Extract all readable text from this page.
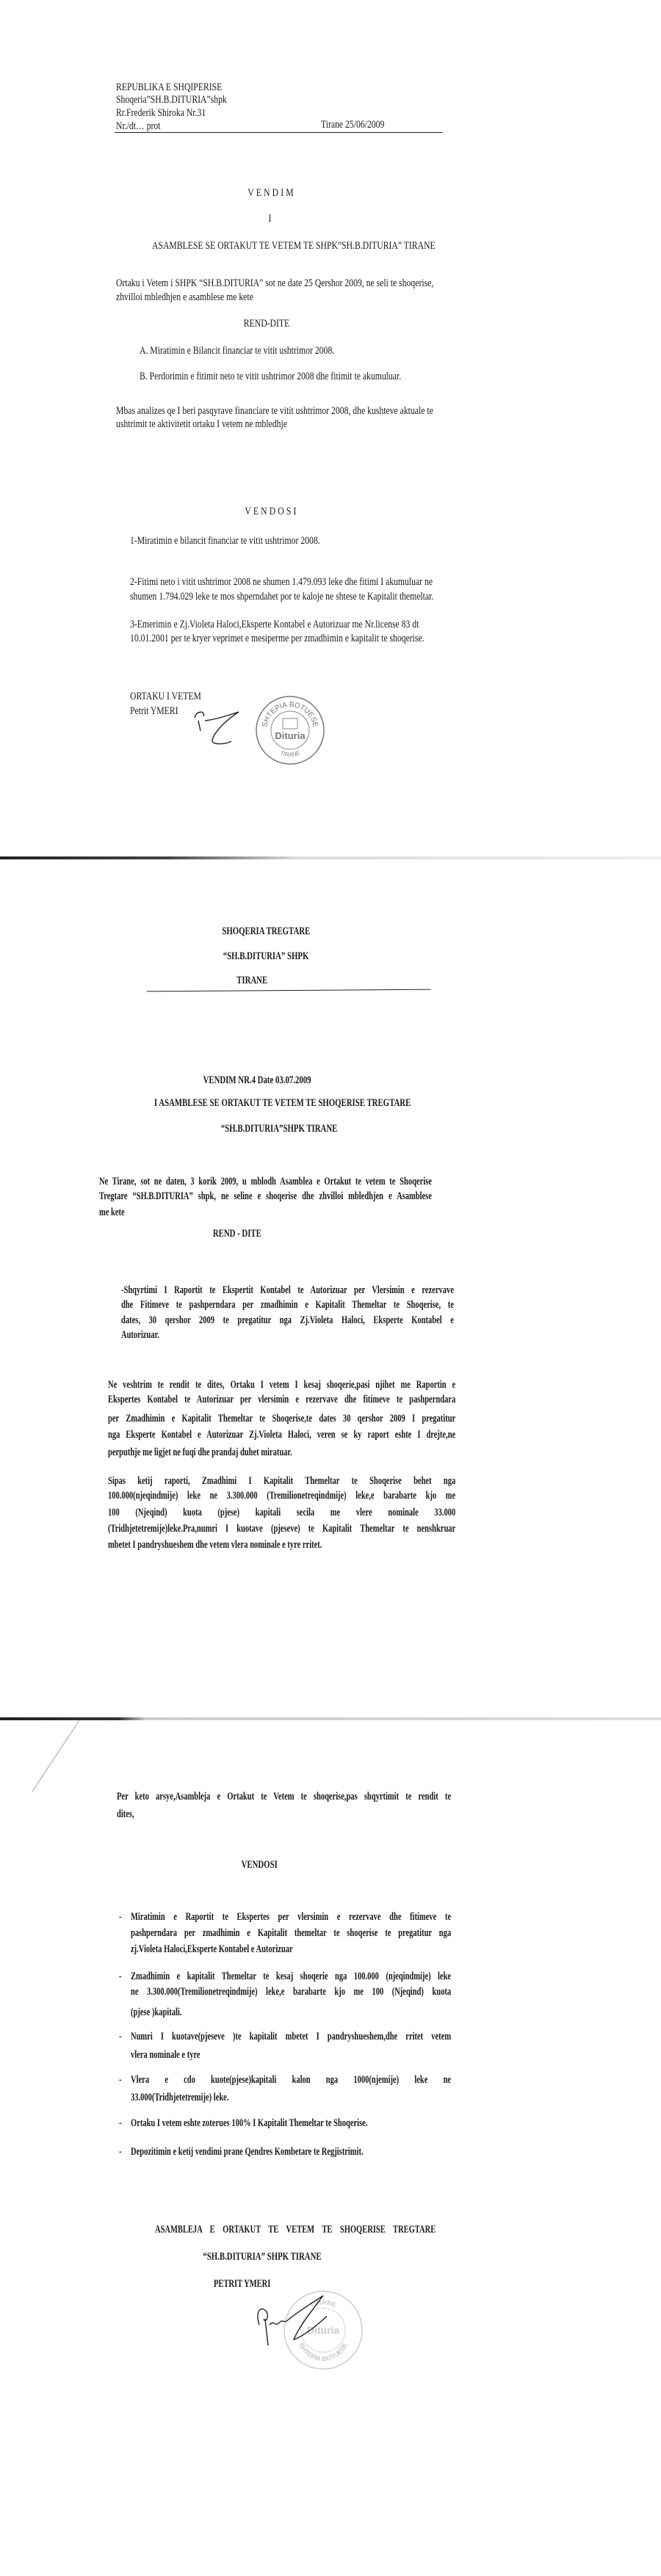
REPUBLIKA E SHQIPERISE
Shoqeria”SH.B.DITURIA”shpk
Rr.Frederik Shiroka Nr.31
Nr./dt… prot	Tirane 25/06/2009
VENDIM
I
ASAMBLESE SE ORTAKUT TE VETEM TE SHPK”SH.B.DITURIA” TIRANE
Ortaku i Vetem i SHPK “SH.B.DITURIA” sot ne date 25 Qershor 2009, ne seli te shoqerise,
zhvilloi mbledhjen e asamblese me kete
REND-DITE
A. Miratimin e Bilancit financiar te vitit ushtrimor 2008.
B. Perdorimin e fitimit neto te vitit ushtrimor 2008 dhe fitimit te akumuluar.
Mbas analizes qe I beri pasqyrave financiare te vitit ushtrimor 2008, dhe kushteve aktuale te
ushtrimit te aktivitetit ortaku I vetem ne mbledhje
VENDOSI
1-Miratimin e bilancit financiar te vitit ushtrimor 2008.
2-Fitimi neto i vitit ushtrimor 2008 ne shumen 1.479.093 leke dhe fitimi I akumuluar ne
shumen 1.794.029 leke te mos shperndahet por te kaloje ne shtese te Kapitalit themeltar.
3-Emerimin e Zj.Violeta Haloci,Eksperte Kontabel e Autorizuar me Nr.license 83 dt
10.01.2001 per te kryer veprimet e mesiperme per zmadhimin e kapitalit te shoqerise.
ORTAKU I VETEM
Petrit YMERI
SHTEPIA BOTUESE
Dituria
TIRANE
SHOQERIA TREGTARE
“SH.B.DITURIA” SHPK
TIRANE
VENDIM NR.4 Date 03.07.2009
I ASAMBLESE SE ORTAKUT TE VETEM TE SHOQERISE TREGTARE
“SH.B.DITURIA”SHPK TIRANE
Ne Tirane, sot ne daten, 3 korik 2009, u mblodh Asamblea e Ortakut te vetem te Shoqerise
Tregtare “SH.B.DITURIA” shpk, ne seline e shoqerise dhe zhvilloi mbledhjen e Asamblese
me kete
REND - DITE
-Shqyrtimi I Raportit te Ekspertit Kontabel te Autorizuar per Vlersimin e rezervave
dhe Fitimeve te pashperndara per zmadhimin e Kapitalit Themeltar te Shoqerise, te
dates, 30 qershor 2009 te pregatitur nga Zj.Violeta Haloci, Eksperte Kontabel e
Autorizuar.
Ne veshtrim te rendit te dites, Ortaku I vetem I kesaj shoqerie,pasi njihet me Raportin e
Ekspertes Kontabel te Autorizuar per vlersimin e rezervave dhe fitimeve te pashperndara
per Zmadhimin e Kapitalit Themeltar te Shoqerise,te dates 30 qershor 2009 I pregatitur
nga Eksperte Kontabel e Autorizuar Zj.Violeta Haloci, veren se ky raport eshte I drejte,ne
perputhje me ligjet ne fuqi dhe prandaj duhet miratuar.
Sipas ketij raporti, Zmadhimi I Kapitalit Themeltar te Shoqerise behet nga
100.000(njeqindmije) leke ne 3.300.000 (Tremilionetreqindmije) leke,e barabarte kjo me
100 (Njeqind) kuota (pjese) kapitali secila me vlere nominale 33.000
(Tridhjetetremije)leke.Pra,numri I kuotave (pjeseve) te Kapitalit Themeltar te nenshkruar
mbetet I pandryshueshem dhe vetem vlera nominale e tyre rritet.
Per keto arsye,Asambleja e Ortakut te Vetem te shoqerise,pas shqyrtimit te rendit te
dites,
VENDOSI
- Miratimin e Raportit te Ekspertes per vlersimin e rezervave dhe fitimeve te
pashperndara per zmadhimin e Kapitalit themeltar te shoqerise te pregatitur nga
zj.Violeta Haloci,Eksperte Kontabel e Autorizuar
- Zmadhimin e kapitalit Themeltar te kesaj shoqerie nga 100.000 (njeqindmije) leke
ne 3.300.000(Tremilionetreqindmije) leke,e barabarte kjo me 100 (Njeqind) kuota
(pjese )kapitali.
- Numri I kuotave(pjeseve )te kapitalit mbetet I pandryshueshem,dhe rritet vetem
vlera nominale e tyre
- Vlera e cdo kuote(pjese)kapitali kalon nga 1000(njemije) leke ne
33.000(Tridhjetetremije) leke.
- Ortaku I vetem eshte zoterues 100% I Kapitalit Themeltar te Shoqerise.
- Depozitimin e ketij vendimi prane Qendres Kombetare te Regjistrimit.
ASAMBLEJA E ORTAKUT TE VETEM TE SHOQERISE TREGTARE
“SH.B.DITURIA” SHPK TIRANE
PETRIT YMERI
TIRANE
Dituria
SHTEPIA BOTUESE
